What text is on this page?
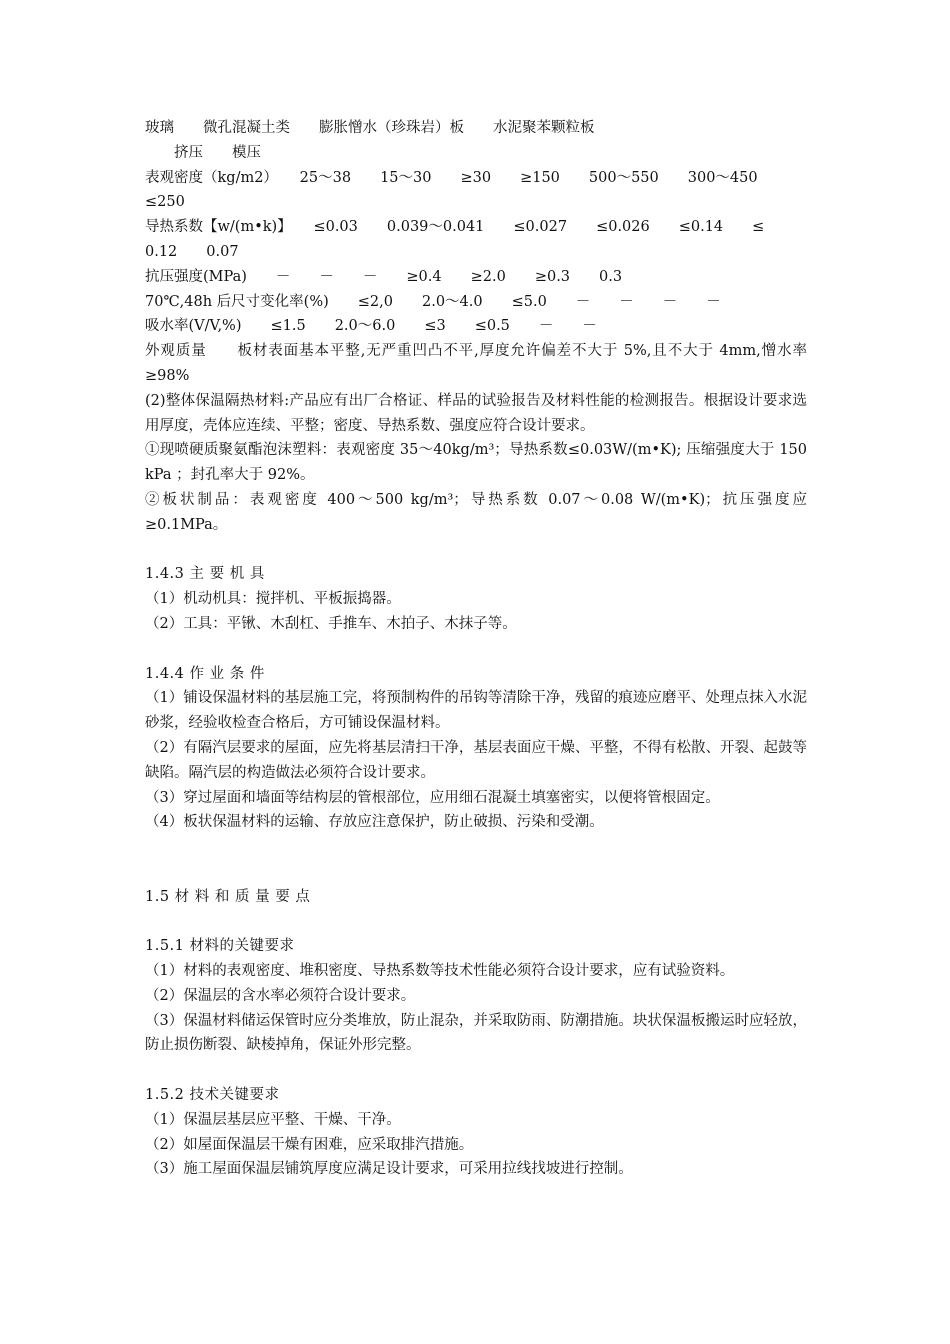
玻璃　　微孔混凝土类　　膨胀憎水（珍珠岩）板　　水泥聚苯颗粒板
　　挤压　　模压
表观密度（kg/m2）　　25～38　　15～30　　≥30　　≥150　　500～550　　300～450
≤250
导热系数【w/(m•k)】　　≤0.03　　0.039～0.041　　≤0.027　　≤0.026　　≤0.14　　≤
0.12　　0.07
抗压强度(MPa)　　－　　－　　－　　≥0.4　　≥2.0　　≥0.3　　0.3
70℃,48h 后尺寸变化率(%)　　≤2,0　　2.0～4.0　　≤5.0　　－　　－　　－　　－
吸水率(V/V,%)　　≤1.5　　2.0～6.0　　≤3　　≤0.5　　－　　－
外观质量　　板材表面基本平整,无严重凹凸不平,厚度允许偏差不大于 5%,且不大于 4mm,憎水率≥98%
(2)整体保温隔热材料:产品应有出厂合格证、样品的试验报告及材料性能的检测报告。根据设计要求选用厚度，壳体应连续、平整；密度、导热系数、强度应符合设计要求。
①现喷硬质聚氨酯泡沫塑料：表观密度 35～40kg/m³；导热系数≤0.03W/(m•K); 压缩强度大于 150 kPa ；封孔率大于 92%。
②板状制品：表观密度 400～500 kg/m³；导热系数 0.07～0.08 W/(m•K)；抗压强度应 ≥0.1MPa。
1.4.3 主 要 机 具
（1）机动机具：搅拌机、平板振捣器。
（2）工具：平锹、木刮杠、手推车、木拍子、木抹子等。
1.4.4 作 业 条 件
（1）铺设保温材料的基层施工完，将预制构件的吊钩等清除干净，残留的痕迹应磨平、处理点抹入水泥砂浆，经验收检查合格后，方可铺设保温材料。
（2）有隔汽层要求的屋面，应先将基层清扫干净，基层表面应干燥、平整，不得有松散、开裂、起鼓等缺陷。隔汽层的构造做法必须符合设计要求。
（3）穿过屋面和墙面等结构层的管根部位，应用细石混凝土填塞密实，以便将管根固定。
（4）板状保温材料的运输、存放应注意保护，防止破损、污染和受潮。
1.5 材 料 和 质 量 要 点
1.5.1 材料的关键要求
（1）材料的表观密度、堆积密度、导热系数等技术性能必须符合设计要求，应有试验资料。
（2）保温层的含水率必须符合设计要求。
（3）保温材料储运保管时应分类堆放，防止混杂，并采取防雨、防潮措施。块状保温板搬运时应轻放，防止损伤断裂、缺棱掉角，保证外形完整。
1.5.2 技术关键要求
（1）保温层基层应平整、干燥、干净。
（2）如屋面保温层干燥有困难，应采取排汽措施。
（3）施工屋面保温层铺筑厚度应满足设计要求，可采用拉线找坡进行控制。
